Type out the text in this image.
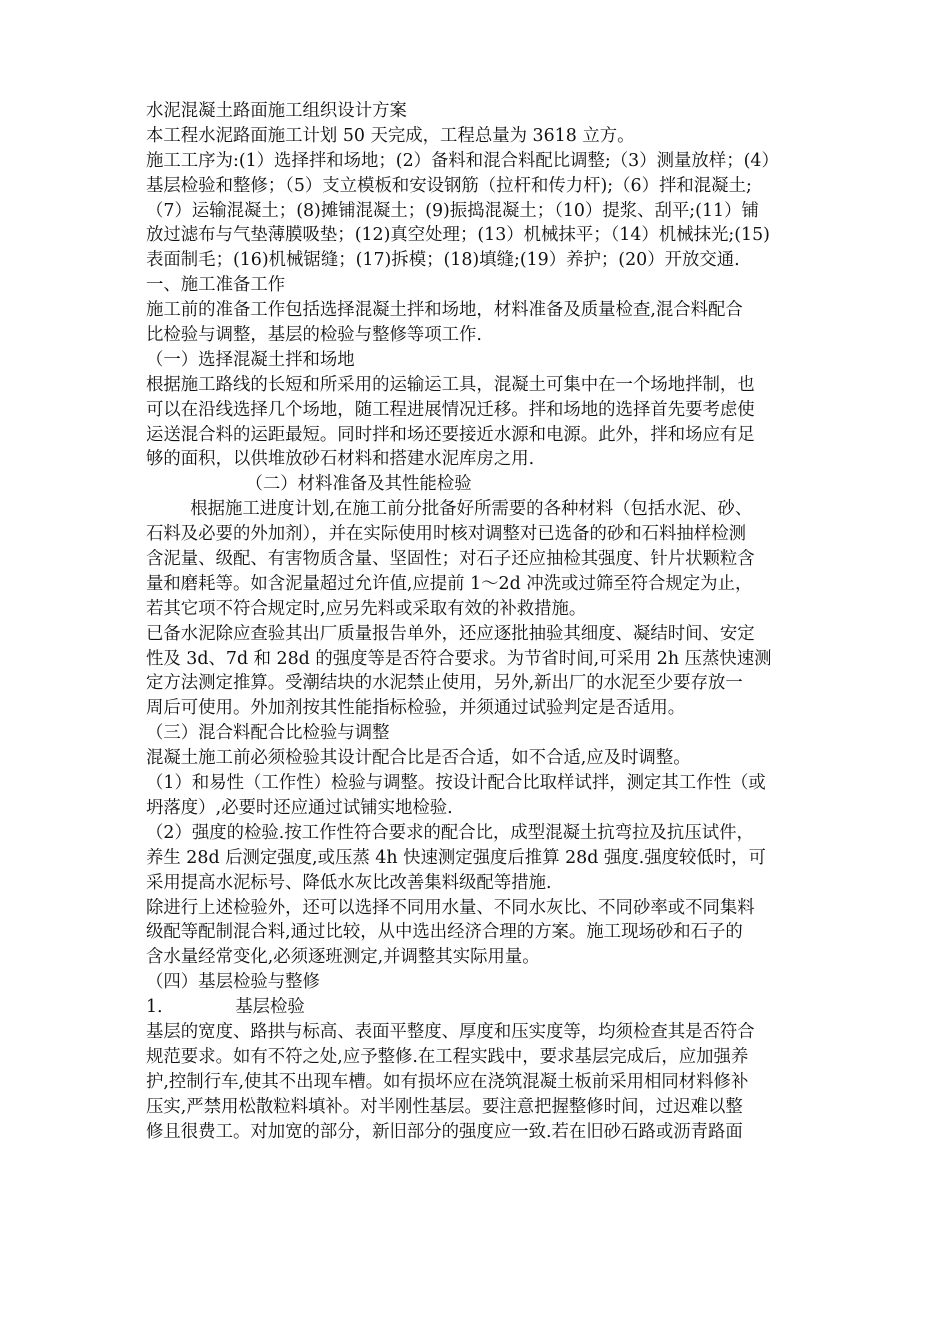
水泥混凝土路面施工组织设计方案
本工程水泥路面施工计划 50 天完成，工程总量为 3618 立方。
施工工序为:(1）选择拌和场地；(2）备料和混合料配比调整;（3）测量放样；(4）
基层检验和整修；（5）支立模板和安设钢筋（拉杆和传力杆);（6）拌和混凝土;
（7）运输混凝土；(8)摊铺混凝土；(9)振捣混凝土；（10）提浆、刮平;(11）铺
放过滤布与气垫薄膜吸垫；(12)真空处理；(13）机械抹平；（14）机械抹光;(15)
表面制毛；(16)机械锯缝；(17)拆模；(18)填缝;(19）养护；(20）开放交通.
一、施工准备工作
施工前的准备工作包括选择混凝土拌和场地，材料准备及质量检查,混合料配合
比检验与调整，基层的检验与整修等项工作.
（一）选择混凝土拌和场地
根据施工路线的长短和所采用的运输运工具，混凝土可集中在一个场地拌制，也
可以在沿线选择几个场地，随工程进展情况迁移。拌和场地的选择首先要考虑使
运送混合料的运距最短。同时拌和场还要接近水源和电源。此外，拌和场应有足
够的面积，以供堆放砂石材料和搭建水泥库房之用.
（二）材料准备及其性能检验
根据施工进度计划,在施工前分批备好所需要的各种材料（包括水泥、砂、
石料及必要的外加剂），并在实际使用时核对调整对已选备的砂和石料抽样检测
含泥量、级配、有害物质含量、坚固性；对石子还应抽检其强度、针片状颗粒含
量和磨耗等。如含泥量超过允许值,应提前 1～2d 冲洗或过筛至符合规定为止，
若其它项不符合规定时,应另先料或采取有效的补救措施。
已备水泥除应查验其出厂质量报告单外，还应逐批抽验其细度、凝结时间、安定
性及 3d、7d 和 28d 的强度等是否符合要求。为节省时间,可采用 2h 压蒸快速测
定方法测定推算。受潮结块的水泥禁止使用，另外,新出厂的水泥至少要存放一
周后可使用。外加剂按其性能指标检验，并须通过试验判定是否适用。
（三）混合料配合比检验与调整
混凝土施工前必须检验其设计配合比是否合适，如不合适,应及时调整。
（1）和易性（工作性）检验与调整。按设计配合比取样试拌，测定其工作性（或
坍落度）,必要时还应通过试铺实地检验.
（2）强度的检验.按工作性符合要求的配合比，成型混凝土抗弯拉及抗压试件，
养生 28d 后测定强度,或压蒸 4h 快速测定强度后推算 28d 强度.强度较低时，可
采用提高水泥标号、降低水灰比改善集料级配等措施.
除进行上述检验外，还可以选择不同用水量、不同水灰比、不同砂率或不同集料
级配等配制混合料,通过比较，从中选出经济合理的方案。施工现场砂和石子的
含水量经常变化,必须逐班测定,并调整其实际用量。
（四）基层检验与整修
1．           基层检验
基层的宽度、路拱与标高、表面平整度、厚度和压实度等，均须检查其是否符合
规范要求。如有不符之处,应予整修.在工程实践中，要求基层完成后，应加强养
护,控制行车,使其不出现车槽。如有损坏应在浇筑混凝土板前采用相同材料修补
压实,严禁用松散粒料填补。对半刚性基层。要注意把握整修时间，过迟难以整
修且很费工。对加宽的部分，新旧部分的强度应一致.若在旧砂石路或沥青路面
